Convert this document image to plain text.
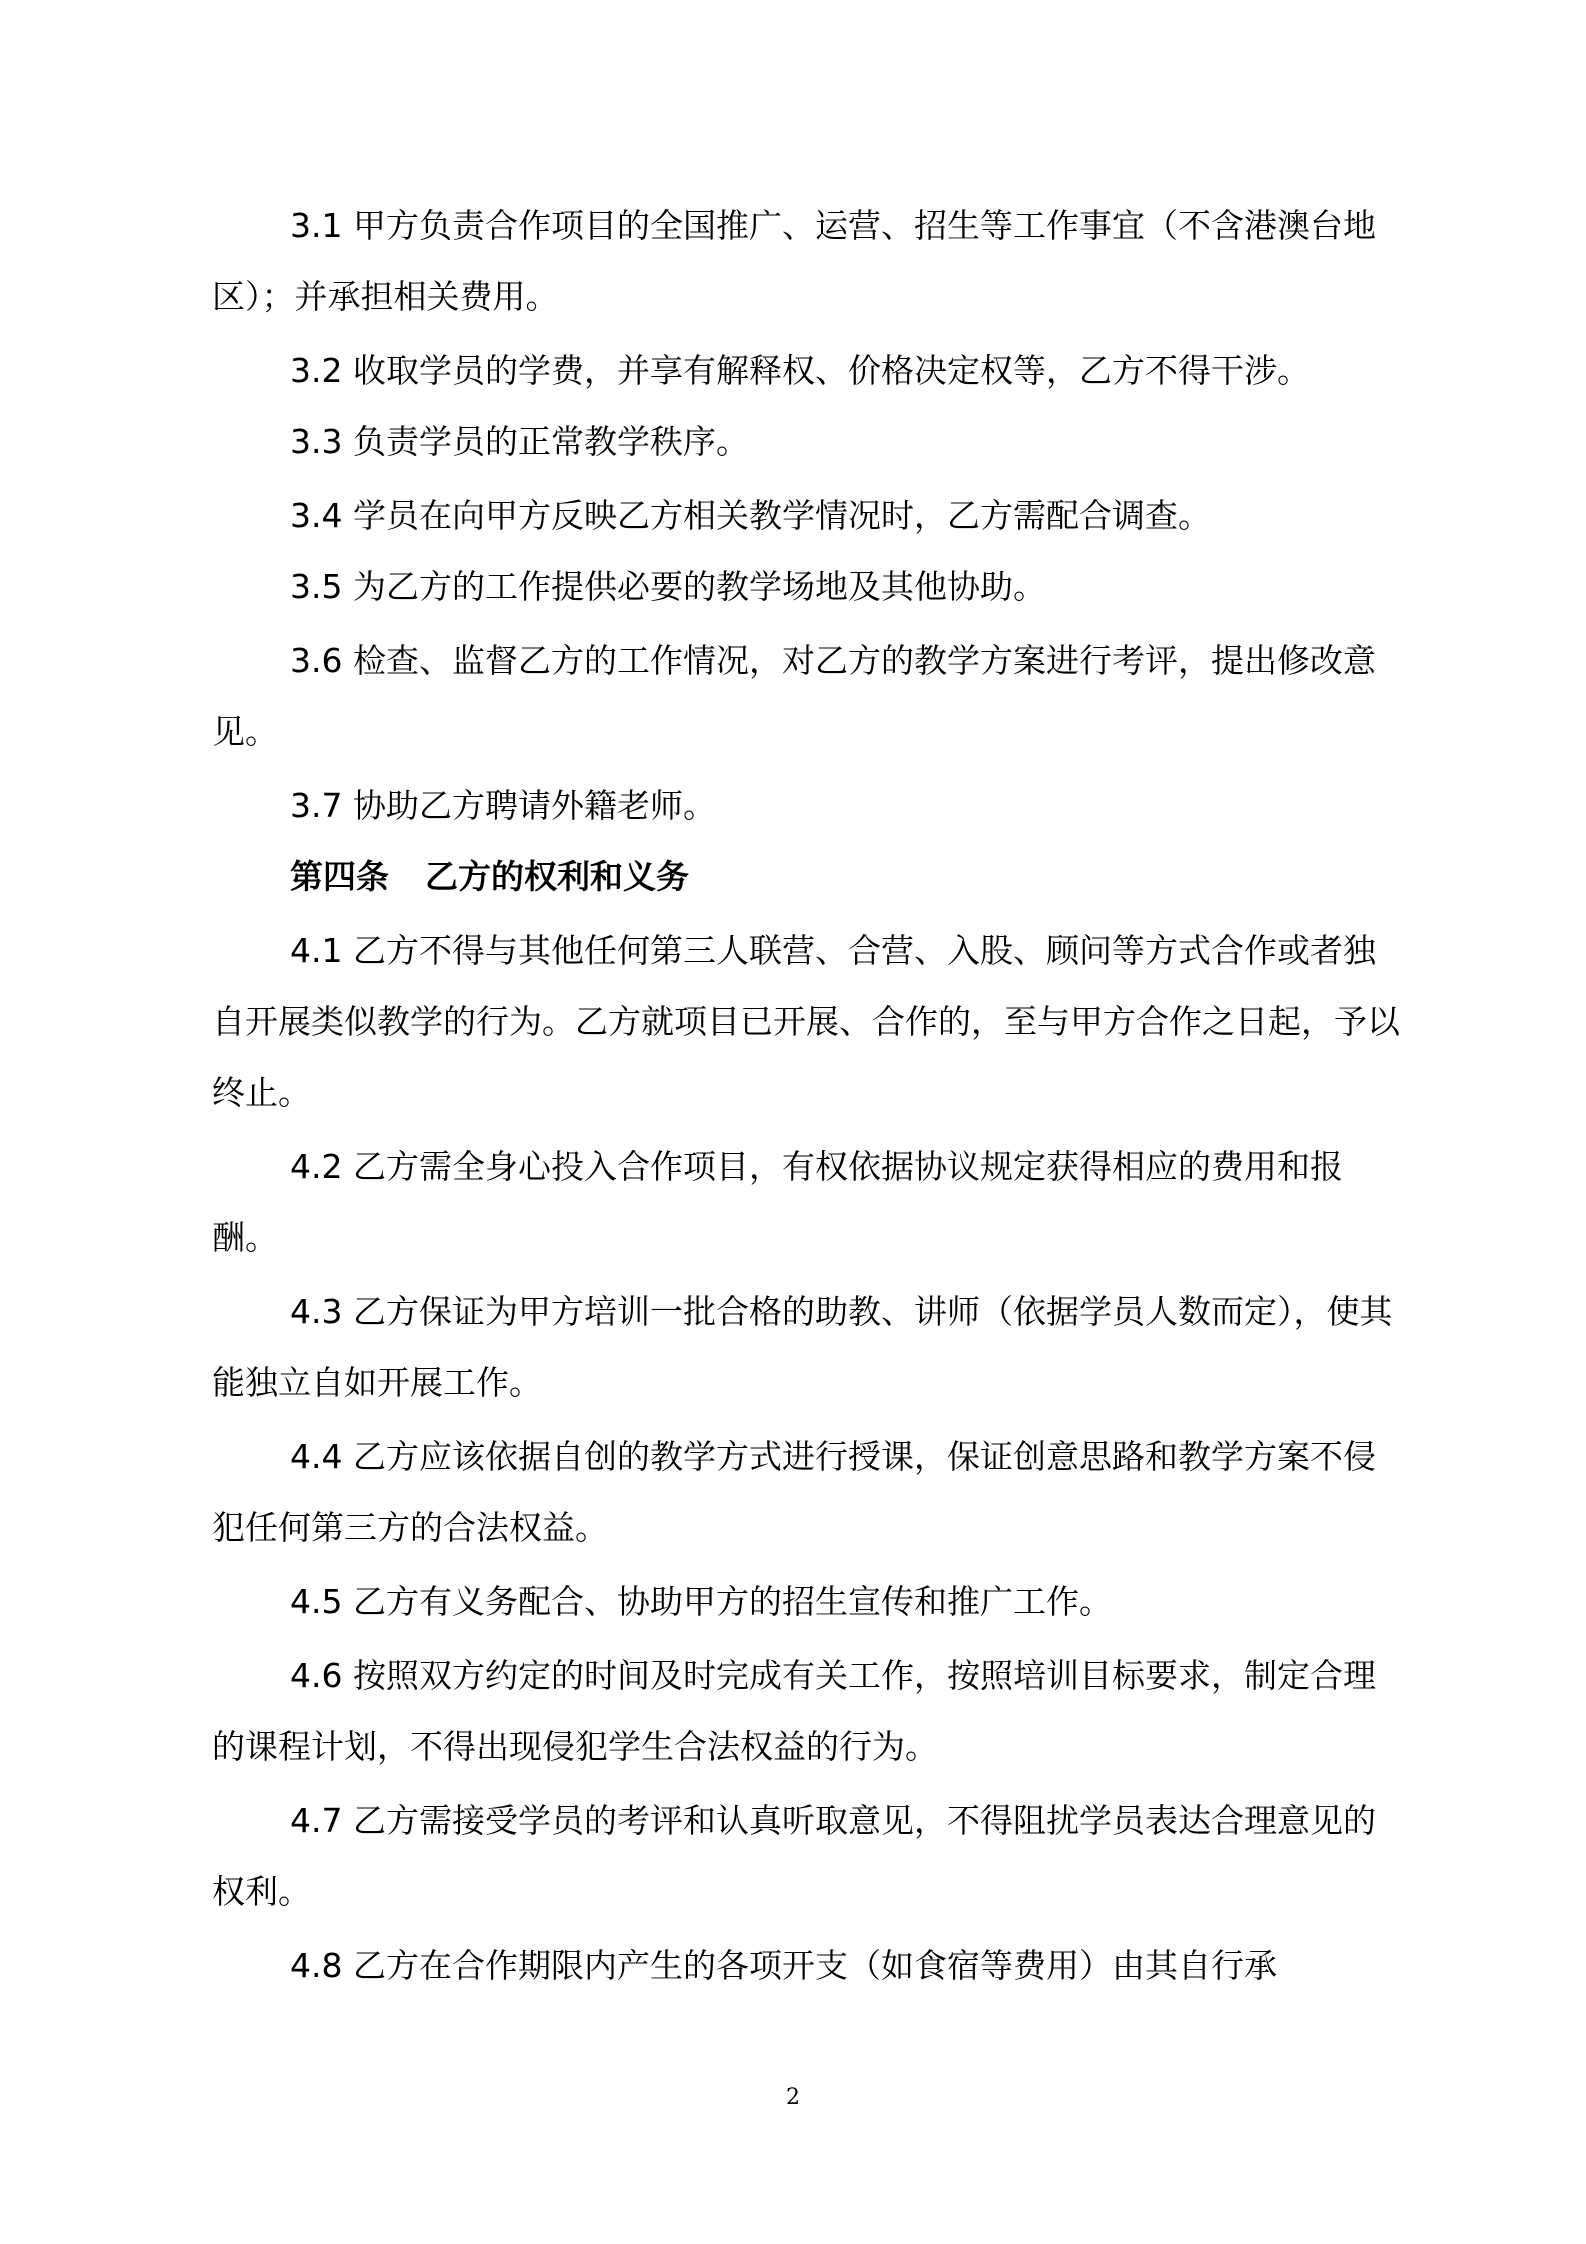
3.1 甲方负责合作项目的全国推广、运营、招生等工作事宜（不含港澳台地区）；并承担相关费用。

3.2 收取学员的学费，并享有解释权、价格决定权等，乙方不得干涉。

3.3 负责学员的正常教学秩序。

3.4 学员在向甲方反映乙方相关教学情况时，乙方需配合调查。

3.5 为乙方的工作提供必要的教学场地及其他协助。

3.6 检查、监督乙方的工作情况，对乙方的教学方案进行考评，提出修改意见。

3.7 协助乙方聘请外籍老师。

第四条 乙方的权利和义务

4.1 乙方不得与其他任何第三人联营、合营、入股、顾问等方式合作或者独自开展类似教学的行为。乙方就项目已开展、合作的，至与甲方合作之日起，予以终止。

4.2 乙方需全身心投入合作项目，有权依据协议规定获得相应的费用和报酬。

4.3 乙方保证为甲方培训一批合格的助教、讲师（依据学员人数而定），使其能独立自如开展工作。

4.4 乙方应该依据自创的教学方式进行授课，保证创意思路和教学方案不侵犯任何第三方的合法权益。

4.5 乙方有义务配合、协助甲方的招生宣传和推广工作。

4.6 按照双方约定的时间及时完成有关工作，按照培训目标要求，制定合理的课程计划，不得出现侵犯学生合法权益的行为。

4.7 乙方需接受学员的考评和认真听取意见，不得阻扰学员表达合理意见的权利。

4.8 乙方在合作期限内产生的各项开支（如食宿等费用）由其自行承

2
